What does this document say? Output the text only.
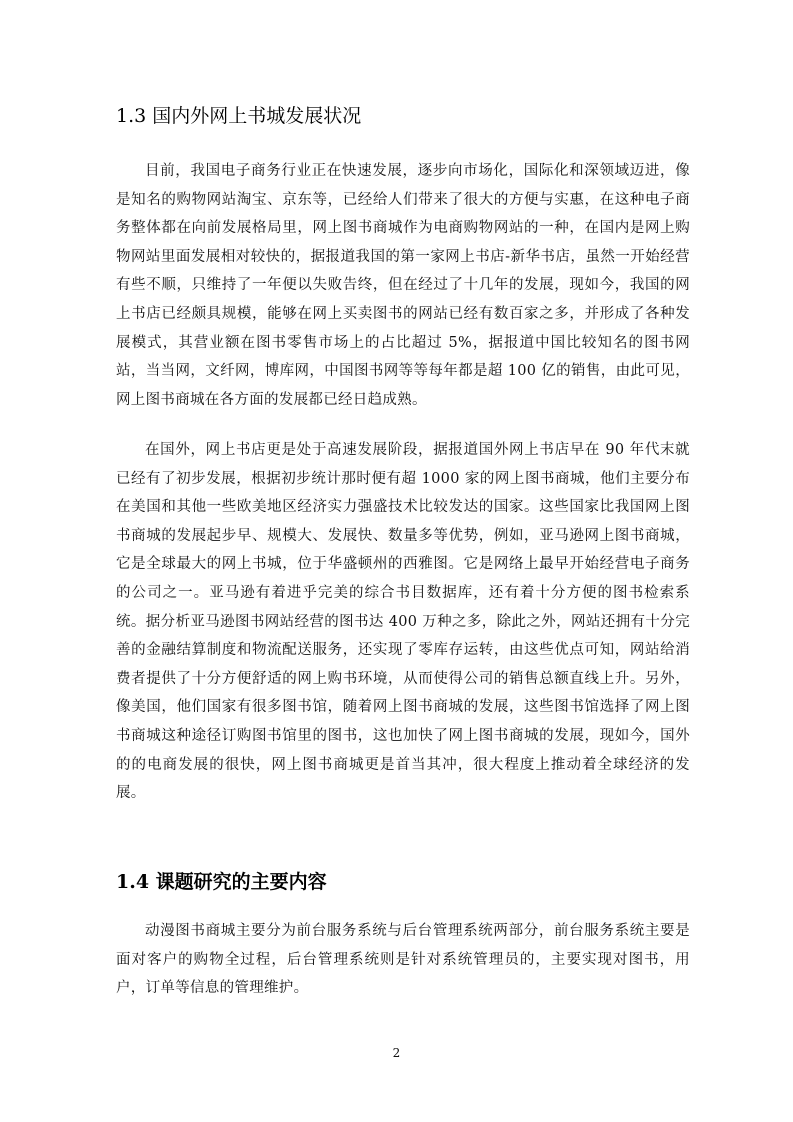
1.3 国内外网上书城发展状况

目前，我国电子商务行业正在快速发展，逐步向市场化，国际化和深领域迈进，像是知名的购物网站淘宝、京东等，已经给人们带来了很大的方便与实惠，在这种电子商务整体都在向前发展格局里，网上图书商城作为电商购物网站的一种，在国内是网上购物网站里面发展相对较快的，据报道我国的第一家网上书店-新华书店，虽然一开始经营有些不顺，只维持了一年便以失败告终，但在经过了十几年的发展，现如今，我国的网上书店已经颇具规模，能够在网上买卖图书的网站已经有数百家之多，并形成了各种发展模式，其营业额在图书零售市场上的占比超过 5%，据报道中国比较知名的图书网站，当当网，文纤网，博库网，中国图书网等等每年都是超 100 亿的销售，由此可见，网上图书商城在各方面的发展都已经日趋成熟。

在国外，网上书店更是处于高速发展阶段，据报道国外网上书店早在 90 年代末就已经有了初步发展，根据初步统计那时便有超 1000 家的网上图书商城，他们主要分布在美国和其他一些欧美地区经济实力强盛技术比较发达的国家。这些国家比我国网上图书商城的发展起步早、规模大、发展快、数量多等优势，例如，亚马逊网上图书商城，它是全球最大的网上书城，位于华盛顿州的西雅图。它是网络上最早开始经营电子商务的公司之一。亚马逊有着进乎完美的综合书目数据库，还有着十分方便的图书检索系统。据分析亚马逊图书网站经营的图书达 400 万种之多，除此之外，网站还拥有十分完善的金融结算制度和物流配送服务，还实现了零库存运转，由这些优点可知，网站给消费者提供了十分方便舒适的网上购书环境，从而使得公司的销售总额直线上升。另外，像美国，他们国家有很多图书馆，随着网上图书商城的发展，这些图书馆选择了网上图书商城这种途径订购图书馆里的图书，这也加快了网上图书商城的发展，现如今，国外的的电商发展的很快，网上图书商城更是首当其冲，很大程度上推动着全球经济的发展。

1.4 课题研究的主要内容

动漫图书商城主要分为前台服务系统与后台管理系统两部分，前台服务系统主要是面对客户的购物全过程，后台管理系统则是针对系统管理员的，主要实现对图书，用户，订单等信息的管理维护。

2
